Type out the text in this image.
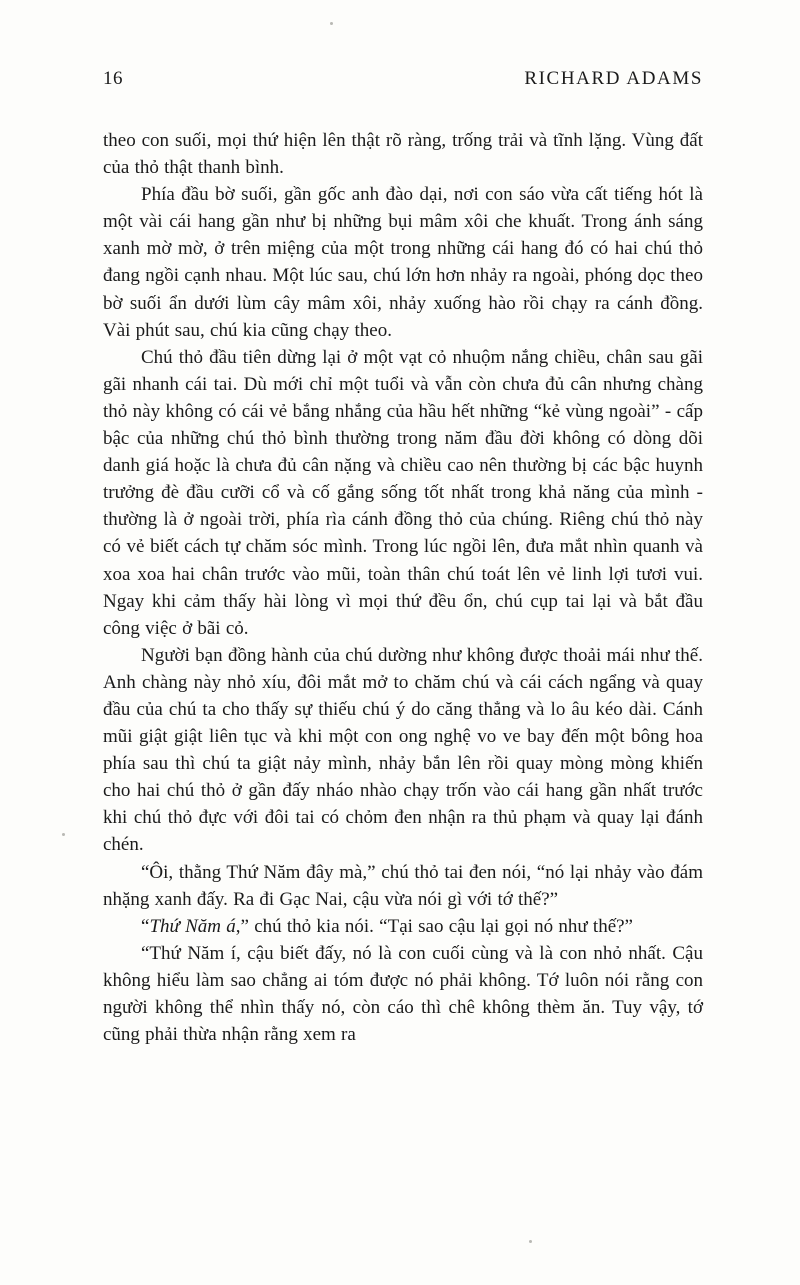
16	RICHARD ADAMS

theo con suối, mọi thứ hiện lên thật rõ ràng, trống trải và tĩnh lặng. Vùng đất của thỏ thật thanh bình.

Phía đầu bờ suối, gần gốc anh đào dại, nơi con sáo vừa cất tiếng hót là một vài cái hang gần như bị những bụi mâm xôi che khuất. Trong ánh sáng xanh mờ mờ, ở trên miệng của một trong những cái hang đó có hai chú thỏ đang ngồi cạnh nhau. Một lúc sau, chú lớn hơn nhảy ra ngoài, phóng dọc theo bờ suối ẩn dưới lùm cây mâm xôi, nhảy xuống hào rồi chạy ra cánh đồng. Vài phút sau, chú kia cũng chạy theo.

Chú thỏ đầu tiên dừng lại ở một vạt cỏ nhuộm nắng chiều, chân sau gãi gãi nhanh cái tai. Dù mới chỉ một tuổi và vẫn còn chưa đủ cân nhưng chàng thỏ này không có cái vẻ bắng nhắng của hầu hết những “kẻ vùng ngoài” - cấp bậc của những chú thỏ bình thường trong năm đầu đời không có dòng dõi danh giá hoặc là chưa đủ cân nặng và chiều cao nên thường bị các bậc huynh trưởng đè đầu cưỡi cổ và cố gắng sống tốt nhất trong khả năng của mình - thường là ở ngoài trời, phía rìa cánh đồng thỏ của chúng. Riêng chú thỏ này có vẻ biết cách tự chăm sóc mình. Trong lúc ngồi lên, đưa mắt nhìn quanh và xoa xoa hai chân trước vào mũi, toàn thân chú toát lên vẻ linh lợi tươi vui. Ngay khi cảm thấy hài lòng vì mọi thứ đều ổn, chú cụp tai lại và bắt đầu công việc ở bãi cỏ.

Người bạn đồng hành của chú dường như không được thoải mái như thế. Anh chàng này nhỏ xíu, đôi mắt mở to chăm chú và cái cách ngẩng và quay đầu của chú ta cho thấy sự thiếu chú ý do căng thẳng và lo âu kéo dài. Cánh mũi giật giật liên tục và khi một con ong nghệ vo ve bay đến một bông hoa phía sau thì chú ta giật nảy mình, nhảy bắn lên rồi quay mòng mòng khiến cho hai chú thỏ ở gần đấy nháo nhào chạy trốn vào cái hang gần nhất trước khi chú thỏ đực với đôi tai có chỏm đen nhận ra thủ phạm và quay lại đánh chén.

“Ôi, thằng Thứ Năm đây mà,” chú thỏ tai đen nói, “nó lại nhảy vào đám nhặng xanh đấy. Ra đi Gạc Nai, cậu vừa nói gì với tớ thế?”

“Thứ Năm á,” chú thỏ kia nói. “Tại sao cậu lại gọi nó như thế?”

“Thứ Năm í, cậu biết đấy, nó là con cuối cùng và là con nhỏ nhất. Cậu không hiểu làm sao chẳng ai tóm được nó phải không. Tớ luôn nói rằng con người không thể nhìn thấy nó, còn cáo thì chê không thèm ăn. Tuy vậy, tớ cũng phải thừa nhận rằng xem ra
